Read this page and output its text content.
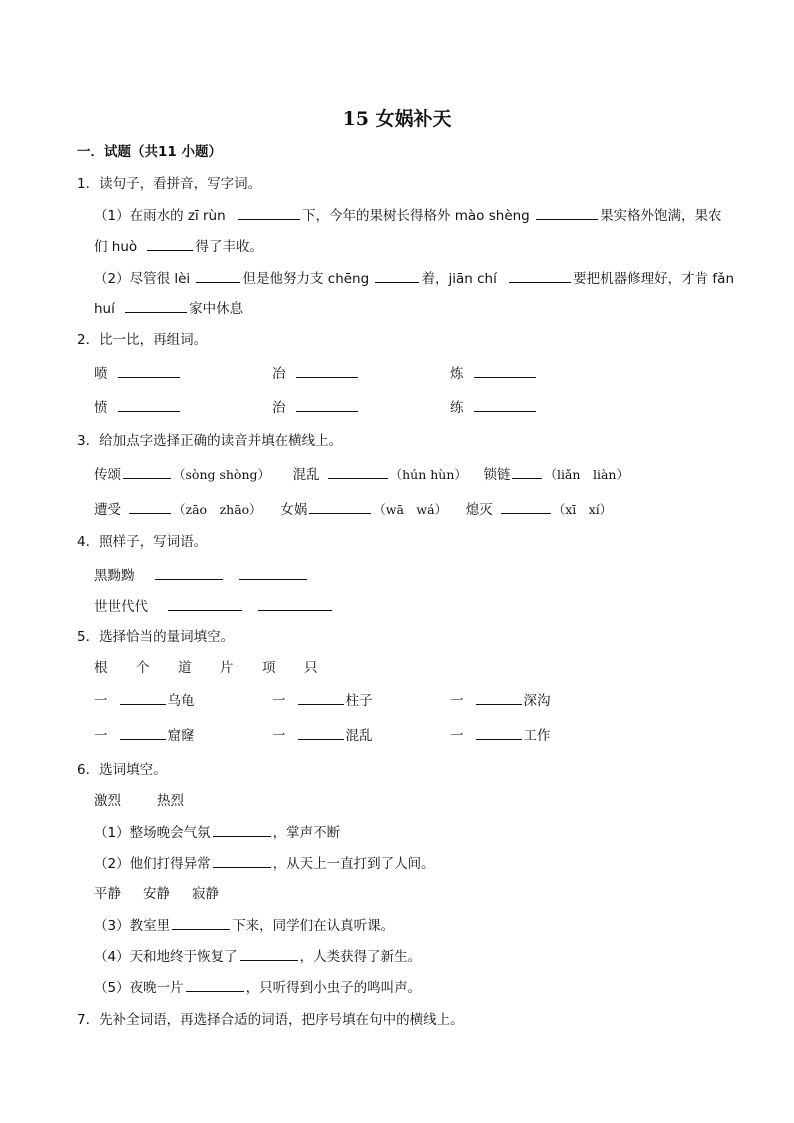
15 女娲补天
一．试题（共11 小题）
1．读句子，看拼音，写字词。
（1）在雨水的 zī rùn	下，今年的果树长得格外 mào shèng	果实格外饱满，果农
们 huò	得了丰收。
（2）尽管很 lèi	但是他努力支 chēng	着，jiān chí	要把机器修理好，才肯 fǎn
huí	家中休息
2．比一比，再组词。
喷	冶	炼
愤	治	练
3．给加点字选择正确的读音并填在横线上。
传颂	（sòng shòng） 混乱	（hún hùn） 锁链	（liǎn　liàn）
遭受	（zāo　zhāo） 女娲	（wā　wá） 熄灭	（xī　xí）
4．照样子，写词语。
黑黝黝
世世代代
5．选择恰当的量词填空。
根 个 道 片 项 只
一	乌龟	一	柱子	一	深沟
一	窟窿	一	混乱	一	工作
6．选词填空。
激烈	热烈
（1）整场晚会气氛	，掌声不断
（2）他们打得异常	，从天上一直打到了人间。
平静 安静 寂静
（3）教室里	下来，同学们在认真听课。
（4）天和地终于恢复了	，人类获得了新生。
（5）夜晚一片	，只听得到小虫子的鸣叫声。
7．先补全词语，再选择合适的词语，把序号填在句中的横线上。
